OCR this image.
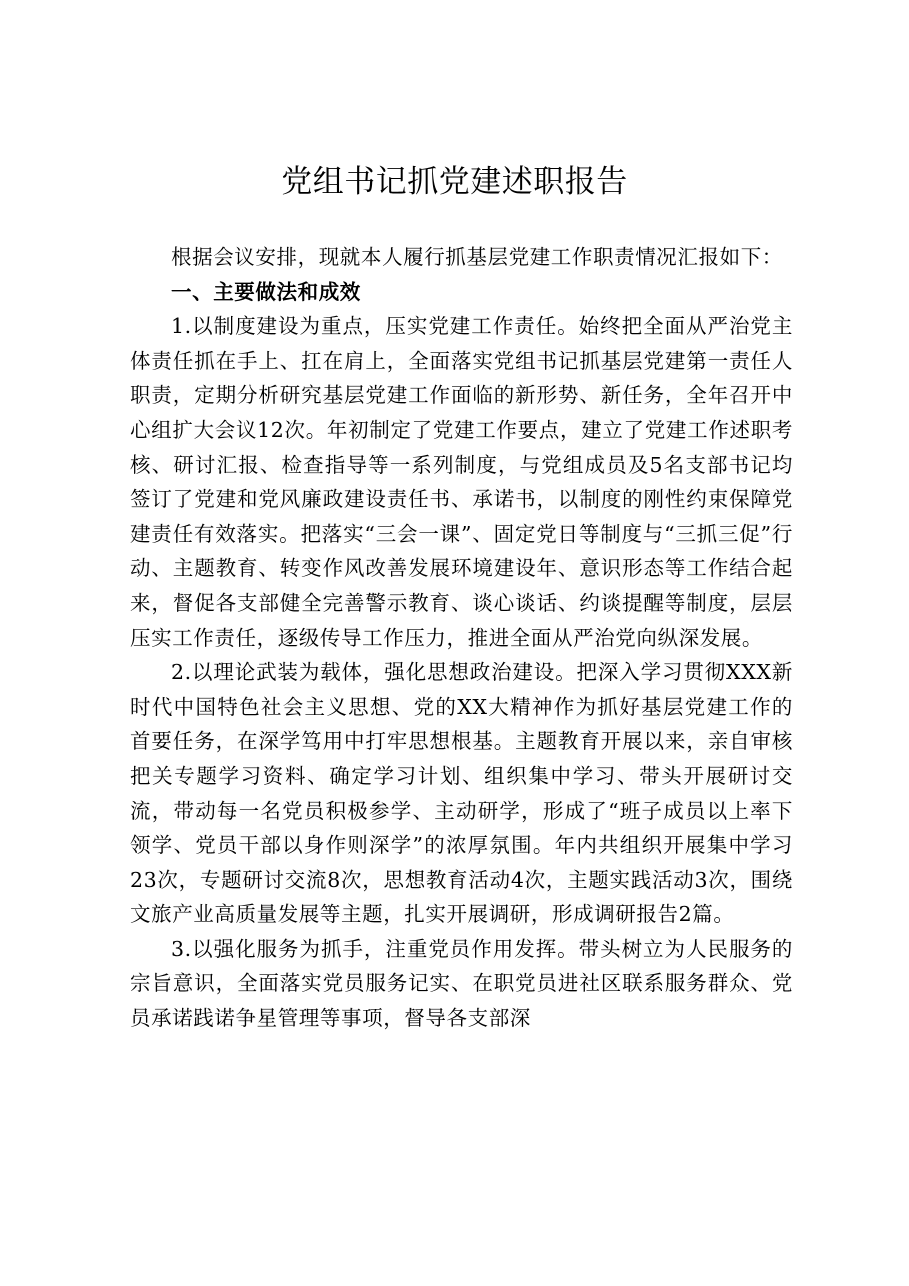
党组书记抓党建述职报告

根据会议安排，现就本人履行抓基层党建工作职责情况汇报如下：

一、主要做法和成效

1.以制度建设为重点，压实党建工作责任。始终把全面从严治党主体责任抓在手上、扛在肩上，全面落实党组书记抓基层党建第一责任人职责，定期分析研究基层党建工作面临的新形势、新任务，全年召开中心组扩大会议12次。年初制定了党建工作要点，建立了党建工作述职考核、研讨汇报、检查指导等一系列制度，与党组成员及5名支部书记均签订了党建和党风廉政建设责任书、承诺书，以制度的刚性约束保障党建责任有效落实。把落实“三会一课”、固定党日等制度与“三抓三促”行动、主题教育、转变作风改善发展环境建设年、意识形态等工作结合起来，督促各支部健全完善警示教育、谈心谈话、约谈提醒等制度，层层压实工作责任，逐级传导工作压力，推进全面从严治党向纵深发展。

2.以理论武装为载体，强化思想政治建设。把深入学习贯彻XXX新时代中国特色社会主义思想、党的XX大精神作为抓好基层党建工作的首要任务，在深学笃用中打牢思想根基。主题教育开展以来，亲自审核把关专题学习资料、确定学习计划、组织集中学习、带头开展研讨交流，带动每一名党员积极参学、主动研学，形成了“班子成员以上率下领学、党员干部以身作则深学”的浓厚氛围。年内共组织开展集中学习23次，专题研讨交流8次，思想教育活动4次，主题实践活动3次，围绕文旅产业高质量发展等主题，扎实开展调研，形成调研报告2篇。

3.以强化服务为抓手，注重党员作用发挥。带头树立为人民服务的宗旨意识，全面落实党员服务记实、在职党员进社区联系服务群众、党员承诺践诺争星管理等事项，督导各支部深
